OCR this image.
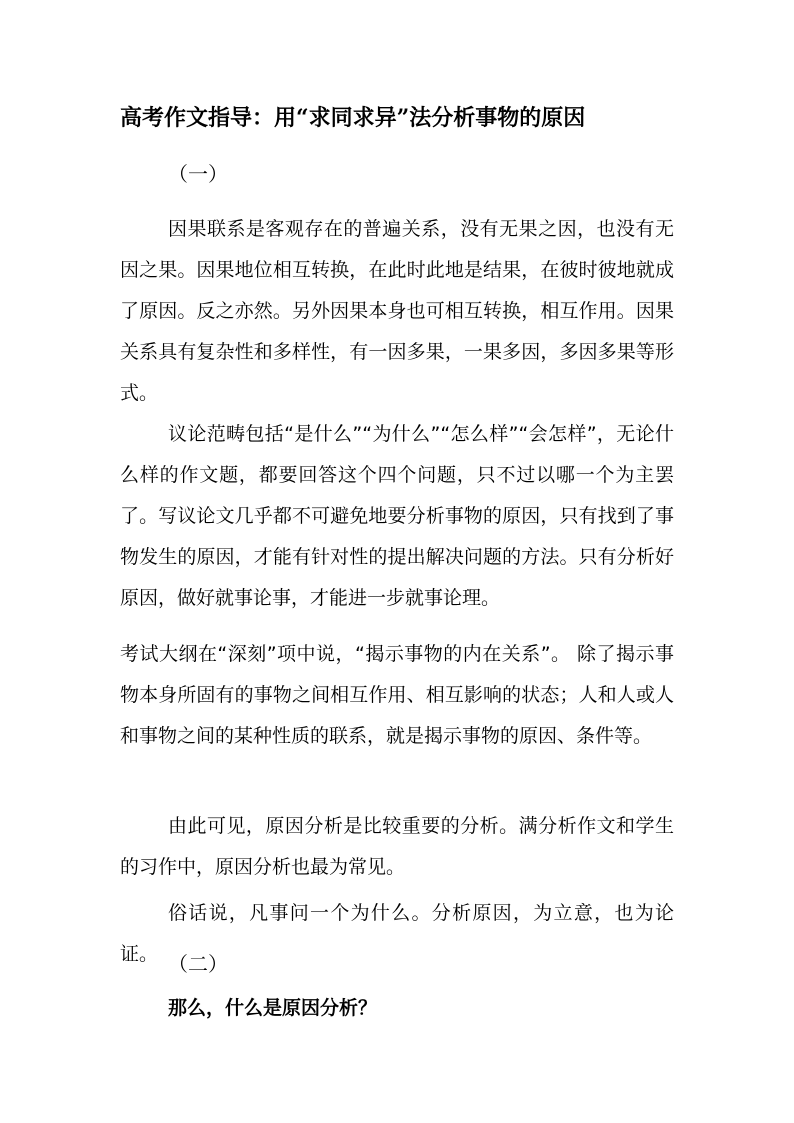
高考作文指导：用“求同求异”法分析事物的原因

（一）

因果联系是客观存在的普遍关系，没有无果之因，也没有无因之果。因果地位相互转换，在此时此地是结果，在彼时彼地就成了原因。反之亦然。另外因果本身也可相互转换，相互作用。因果关系具有复杂性和多样性，有一因多果，一果多因，多因多果等形式。

议论范畴包括“是什么”“为什么”“怎么样”“会怎样”，无论什么样的作文题，都要回答这个四个问题，只不过以哪一个为主罢了。写议论文几乎都不可避免地要分析事物的原因，只有找到了事物发生的原因，才能有针对性的提出解决问题的方法。只有分析好原因，做好就事论事，才能进一步就事论理。

考试大纲在“深刻”项中说，“揭示事物的内在关系”。 除了揭示事物本身所固有的事物之间相互作用、相互影响的状态；人和人或人和事物之间的某种性质的联系，就是揭示事物的原因、条件等。

由此可见，原因分析是比较重要的分析。满分析作文和学生的习作中，原因分析也最为常见。

俗话说，凡事问一个为什么。分析原因，为立意，也为论证。 （二）

那么，什么是原因分析？
